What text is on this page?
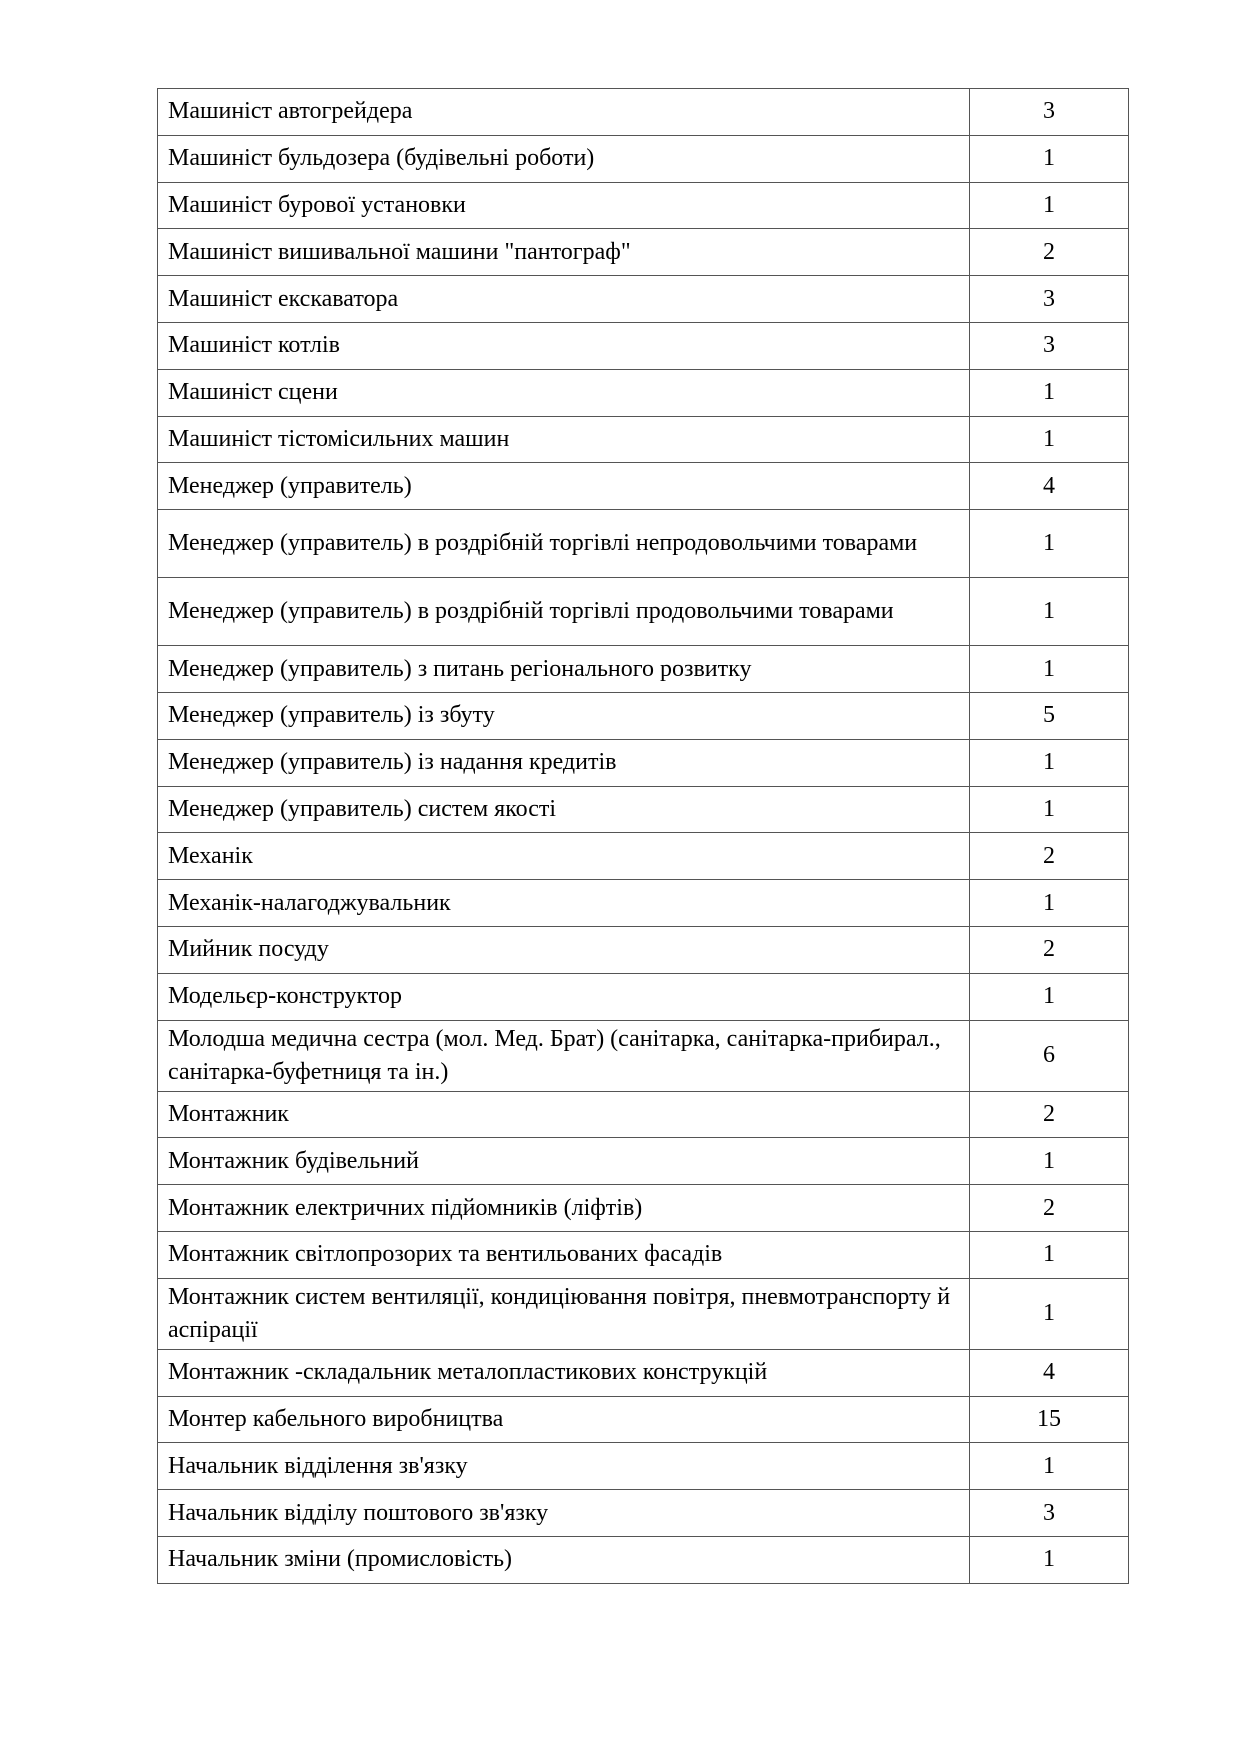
Машиніст автогрейдера	3
Машиніст бульдозера (будівельні роботи)	1
Машиніст бурової установки	1
Машиніст вишивальної машини "пантограф"	2
Машиніст екскаватора	3
Машиніст котлів	3
Машиніст сцени	1
Машиніст тістомісильних машин	1
Менеджер (управитель)	4
Менеджер (управитель) в роздрібній торгівлі непродовольчими товарами	1
Менеджер (управитель) в роздрібній торгівлі продовольчими товарами	1
Менеджер (управитель) з питань регіонального розвитку	1
Менеджер (управитель) із збуту	5
Менеджер (управитель) із надання кредитів	1
Менеджер (управитель) систем якості	1
Механік	2
Механік-налагоджувальник	1
Мийник посуду	2
Модельєр-конструктор	1
Молодша медична сестра (мол. Мед. Брат) (санітарка, санітарка-прибирал., санітарка-буфетниця та ін.)	6
Монтажник	2
Монтажник будівельний	1
Монтажник електричних підйомників (ліфтів)	2
Монтажник світлопрозорих та вентильованих фасадів	1
Монтажник систем вентиляції, кондиціювання повітря, пневмотранспорту й аспірації	1
Монтажник -складальник металопластикових конструкцій	4
Монтер кабельного виробництва	15
Начальник відділення зв'язку	1
Начальник відділу поштового зв'язку	3
Начальник зміни (промисловість)	1
